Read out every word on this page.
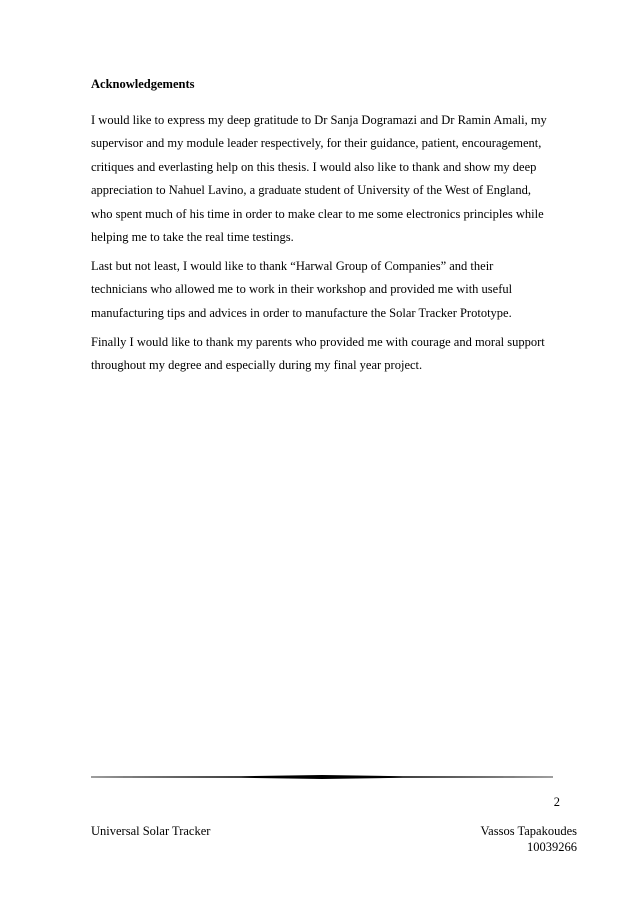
Acknowledgements

I would like to express my deep gratitude to Dr Sanja Dogramazi and Dr Ramin Amali, my
supervisor and my module leader respectively, for their guidance, patient, encouragement,
critiques and everlasting help on this thesis. I would also like to thank and show my deep
appreciation to Nahuel Lavino, a graduate student of University of the West of England,
who spent much of his time in order to make clear to me some electronics principles while
helping me to take the real time testings.

Last but not least, I would like to thank “Harwal Group of Companies” and their
technicians who allowed me to work in their workshop and provided me with useful
manufacturing tips and advices in order to manufacture the Solar Tracker Prototype.

Finally I would like to thank my parents who provided me with courage and moral support
throughout my degree and especially during my final year project.

2
Universal Solar Tracker	Vassos Tapakoudes
10039266
